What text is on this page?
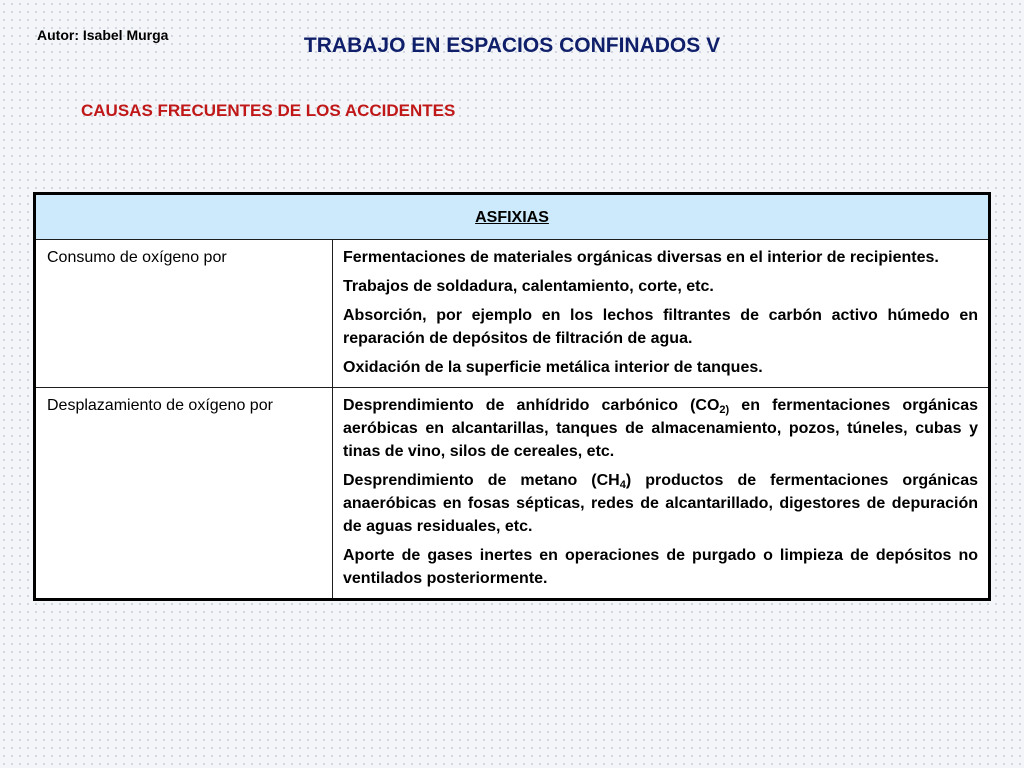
Autor: Isabel Murga	TRABAJO EN ESPACIOS CONFINADOS V
CAUSAS FRECUENTES DE LOS ACCIDENTES
ASFIXIAS	
Consumo de oxígeno por	Fermentaciones de materiales orgánicas diversas en el interior de recipientes.

Trabajos de soldadura, calentamiento, corte, etc.

Absorción, por ejemplo en los lechos filtrantes de carbón activo húmedo en reparación de depósitos de filtración de agua.

Oxidación de la superficie metálica interior de tanques.

Desplazamiento de oxígeno por	Desprendimiento de anhídrido carbónico ($CO_{2)}$ en fermentaciones orgánicas aeróbicas en alcantarillas, tanques de almacenamiento, pozos, túneles, cubas y tinas de vino, silos de cereales, etc.

Desprendimiento de metano $(CH_4)$ productos de fermentaciones orgánicas anaeróbicas en fosas sépticas, redes de alcantarillado, digestores de depuración de aguas residuales, etc.

Aporte de gases inertes en operaciones de purgado o limpieza de depósitos no ventilados posteriormente.
